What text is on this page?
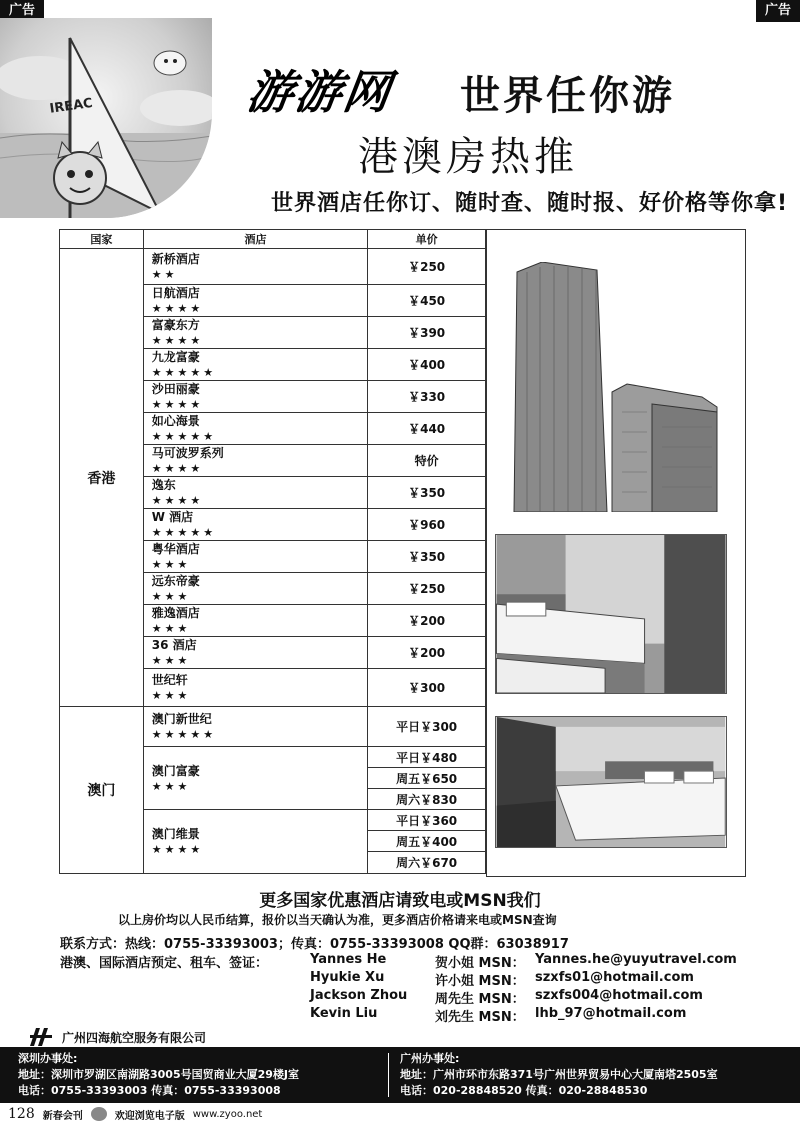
广告	广告
IREAC	游游网 世界任你游
港澳房热推
世界酒店任你订、随时查、随时报、好价格等你拿!
国家	酒店	单价
香港	新桥酒店
★★	￥250

	日航酒店
★★★★	￥450

	富豪东方
★★★★	￥390

	九龙富豪
★★★★★	￥400

	沙田丽豪
★★★★	￥330

	如心海景
★★★★★	￥440

	马可波罗系列
★★★★	特价

	逸东
★★★★	￥350

	W 酒店
★★★★★	￥960

	粤华酒店
★★★	￥350

	远东帝豪
★★★	￥250

	雅逸酒店
★★★	￥200

	36 酒店
★★★	￥200

	世纪轩
★★★	￥300
澳门	澳门新世纪
★★★★★	平日￥300

	澳门富豪
★★★	平日￥480
		周五￥650
		周六￥830

	澳门维景
★★★★	平日￥360
		周五￥400
		周六￥670
更多国家优惠酒店请致电或MSN我们
以上房价均以人民币结算，报价以当天确认为准，更多酒店价格请来电或MSN查询
联系方式：热线：0755-33393003；传真：0755-33393008 QQ群：63038917
港澳、国际酒店预定、租车、签证：	Yannes He	贺小姐 MSN： Yannes.he@yuyutravel.com
Hyukie Xu	许小姐 MSN： szxfs01@hotmail.com
Jackson Zhou 周先生 MSN： szxfs004@hotmail.com
Kevin Liu	刘先生 MSN： lhb_97@hotmail.com
广州四海航空服务有限公司
深圳办事处:
地址：深圳市罗湖区南湖路3005号国贸商业大厦29楼J室
电话：0755-33393003 传真：0755-33393008
广州办事处:
地址：广州市环市东路371号广州世界贸易中心大厦南塔2505室
电话：020-28848520 传真：020-28848530
128 新春会刊	欢迎浏览电子版 www.zyoo.net
